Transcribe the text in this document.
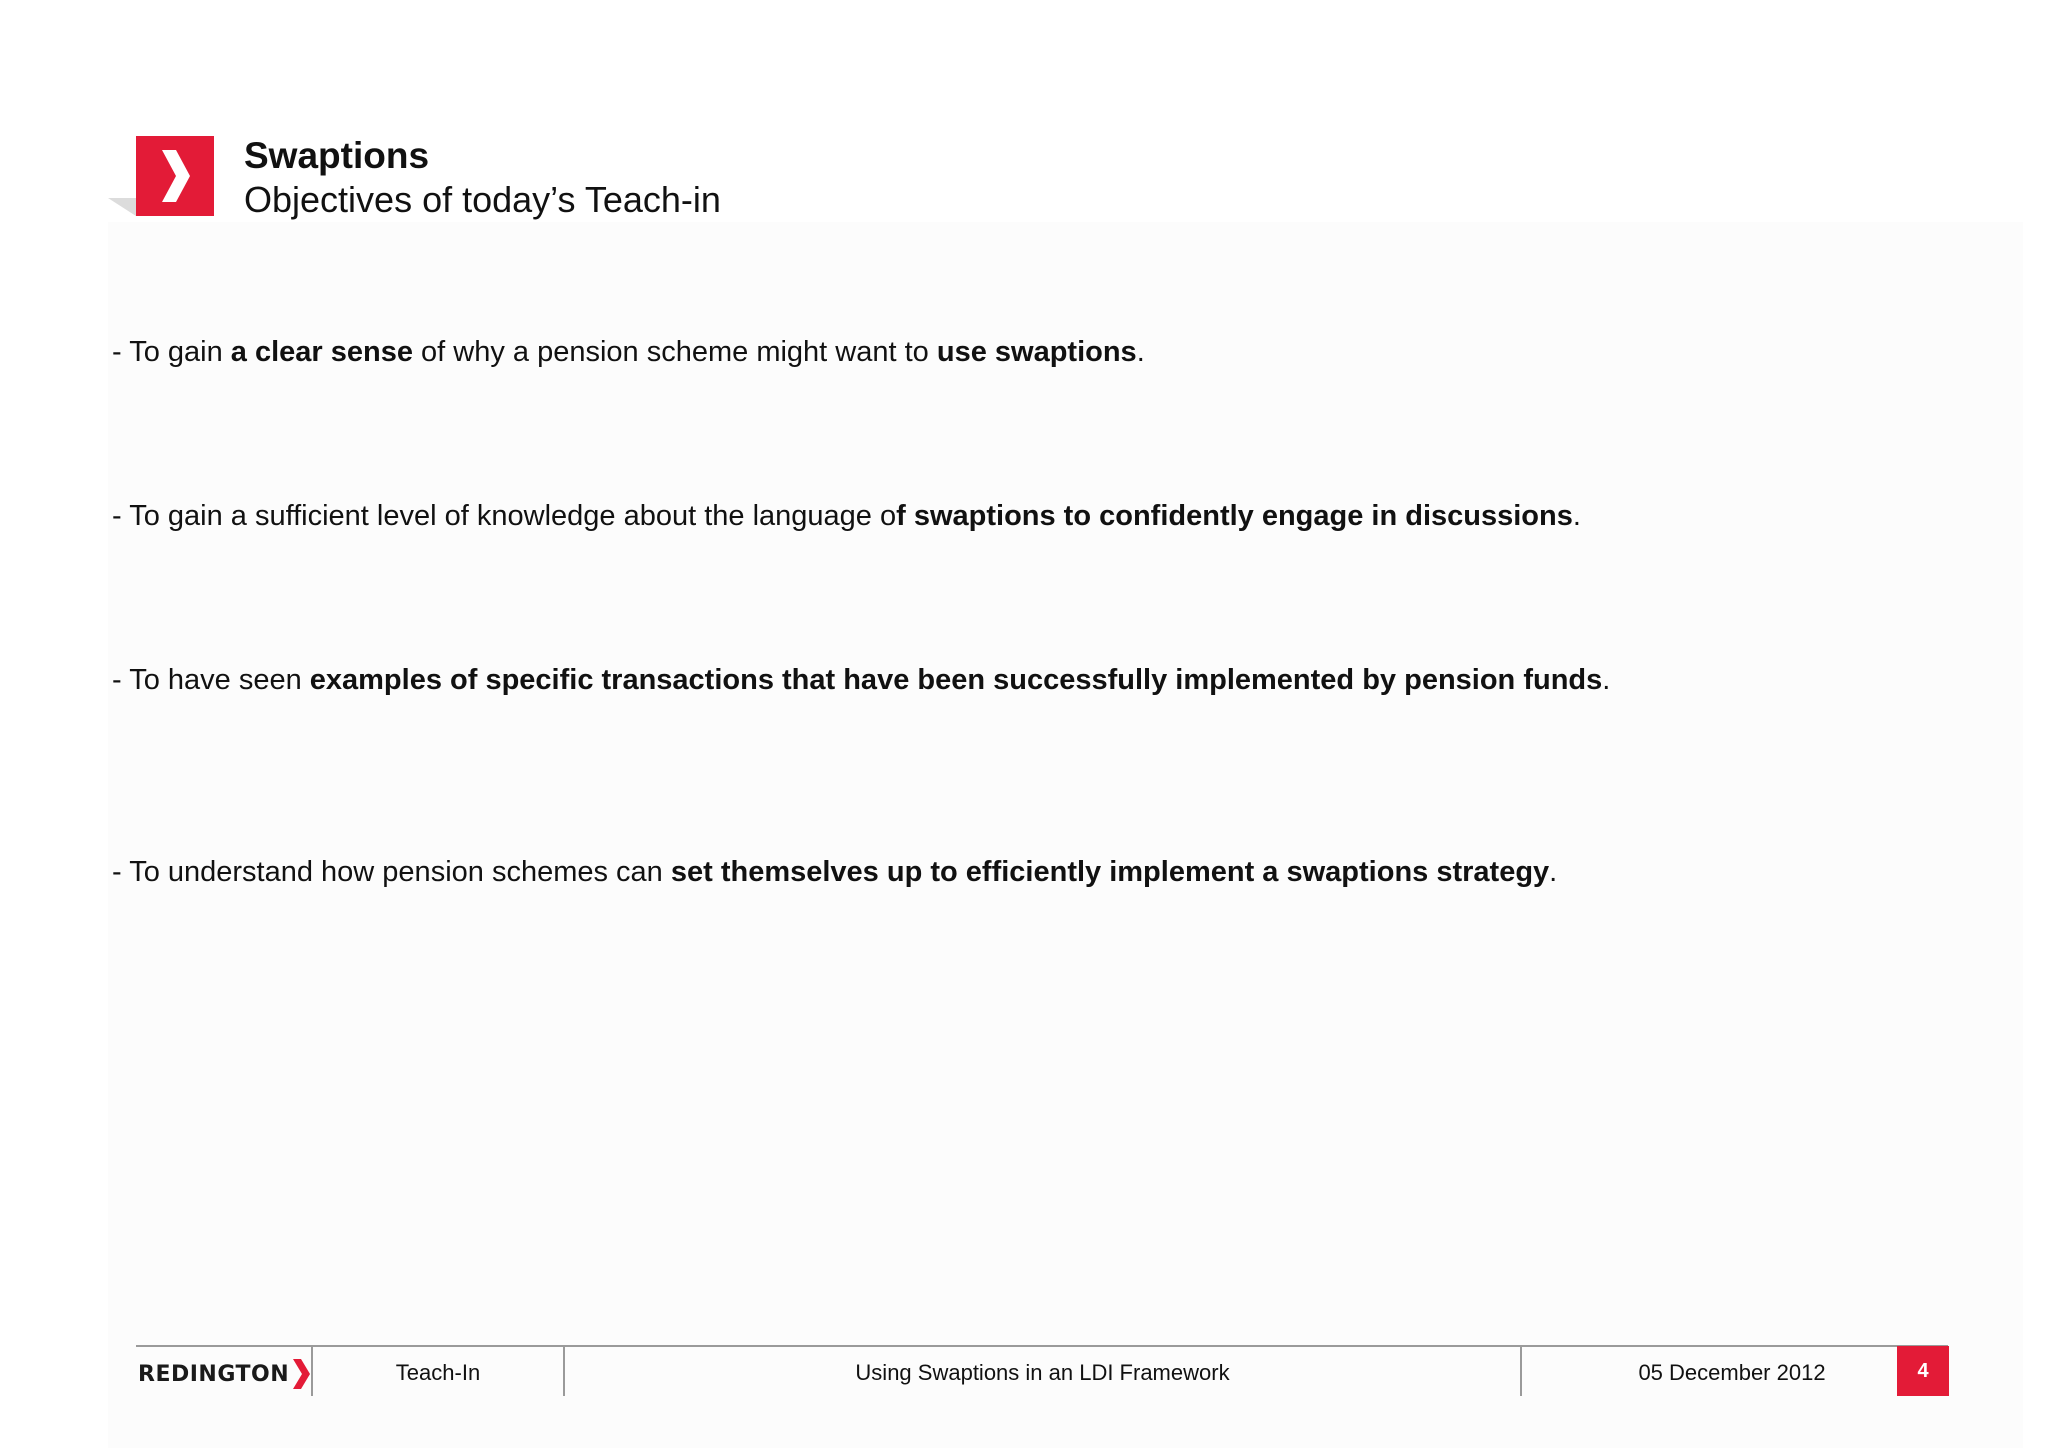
Swaptions
Objectives of today’s Teach-in
- To gain a clear sense of why a pension scheme might want to use swaptions.
- To gain a sufficient level of knowledge about the language of swaptions to confidently engage in discussions.
- To have seen examples of specific transactions that have been successfully implemented by pension funds.
- To understand how pension schemes can set themselves up to efficiently implement a swaptions strategy.
REDINGTON	Teach-In	Using Swaptions in an LDI Framework	05 December 2012	4
